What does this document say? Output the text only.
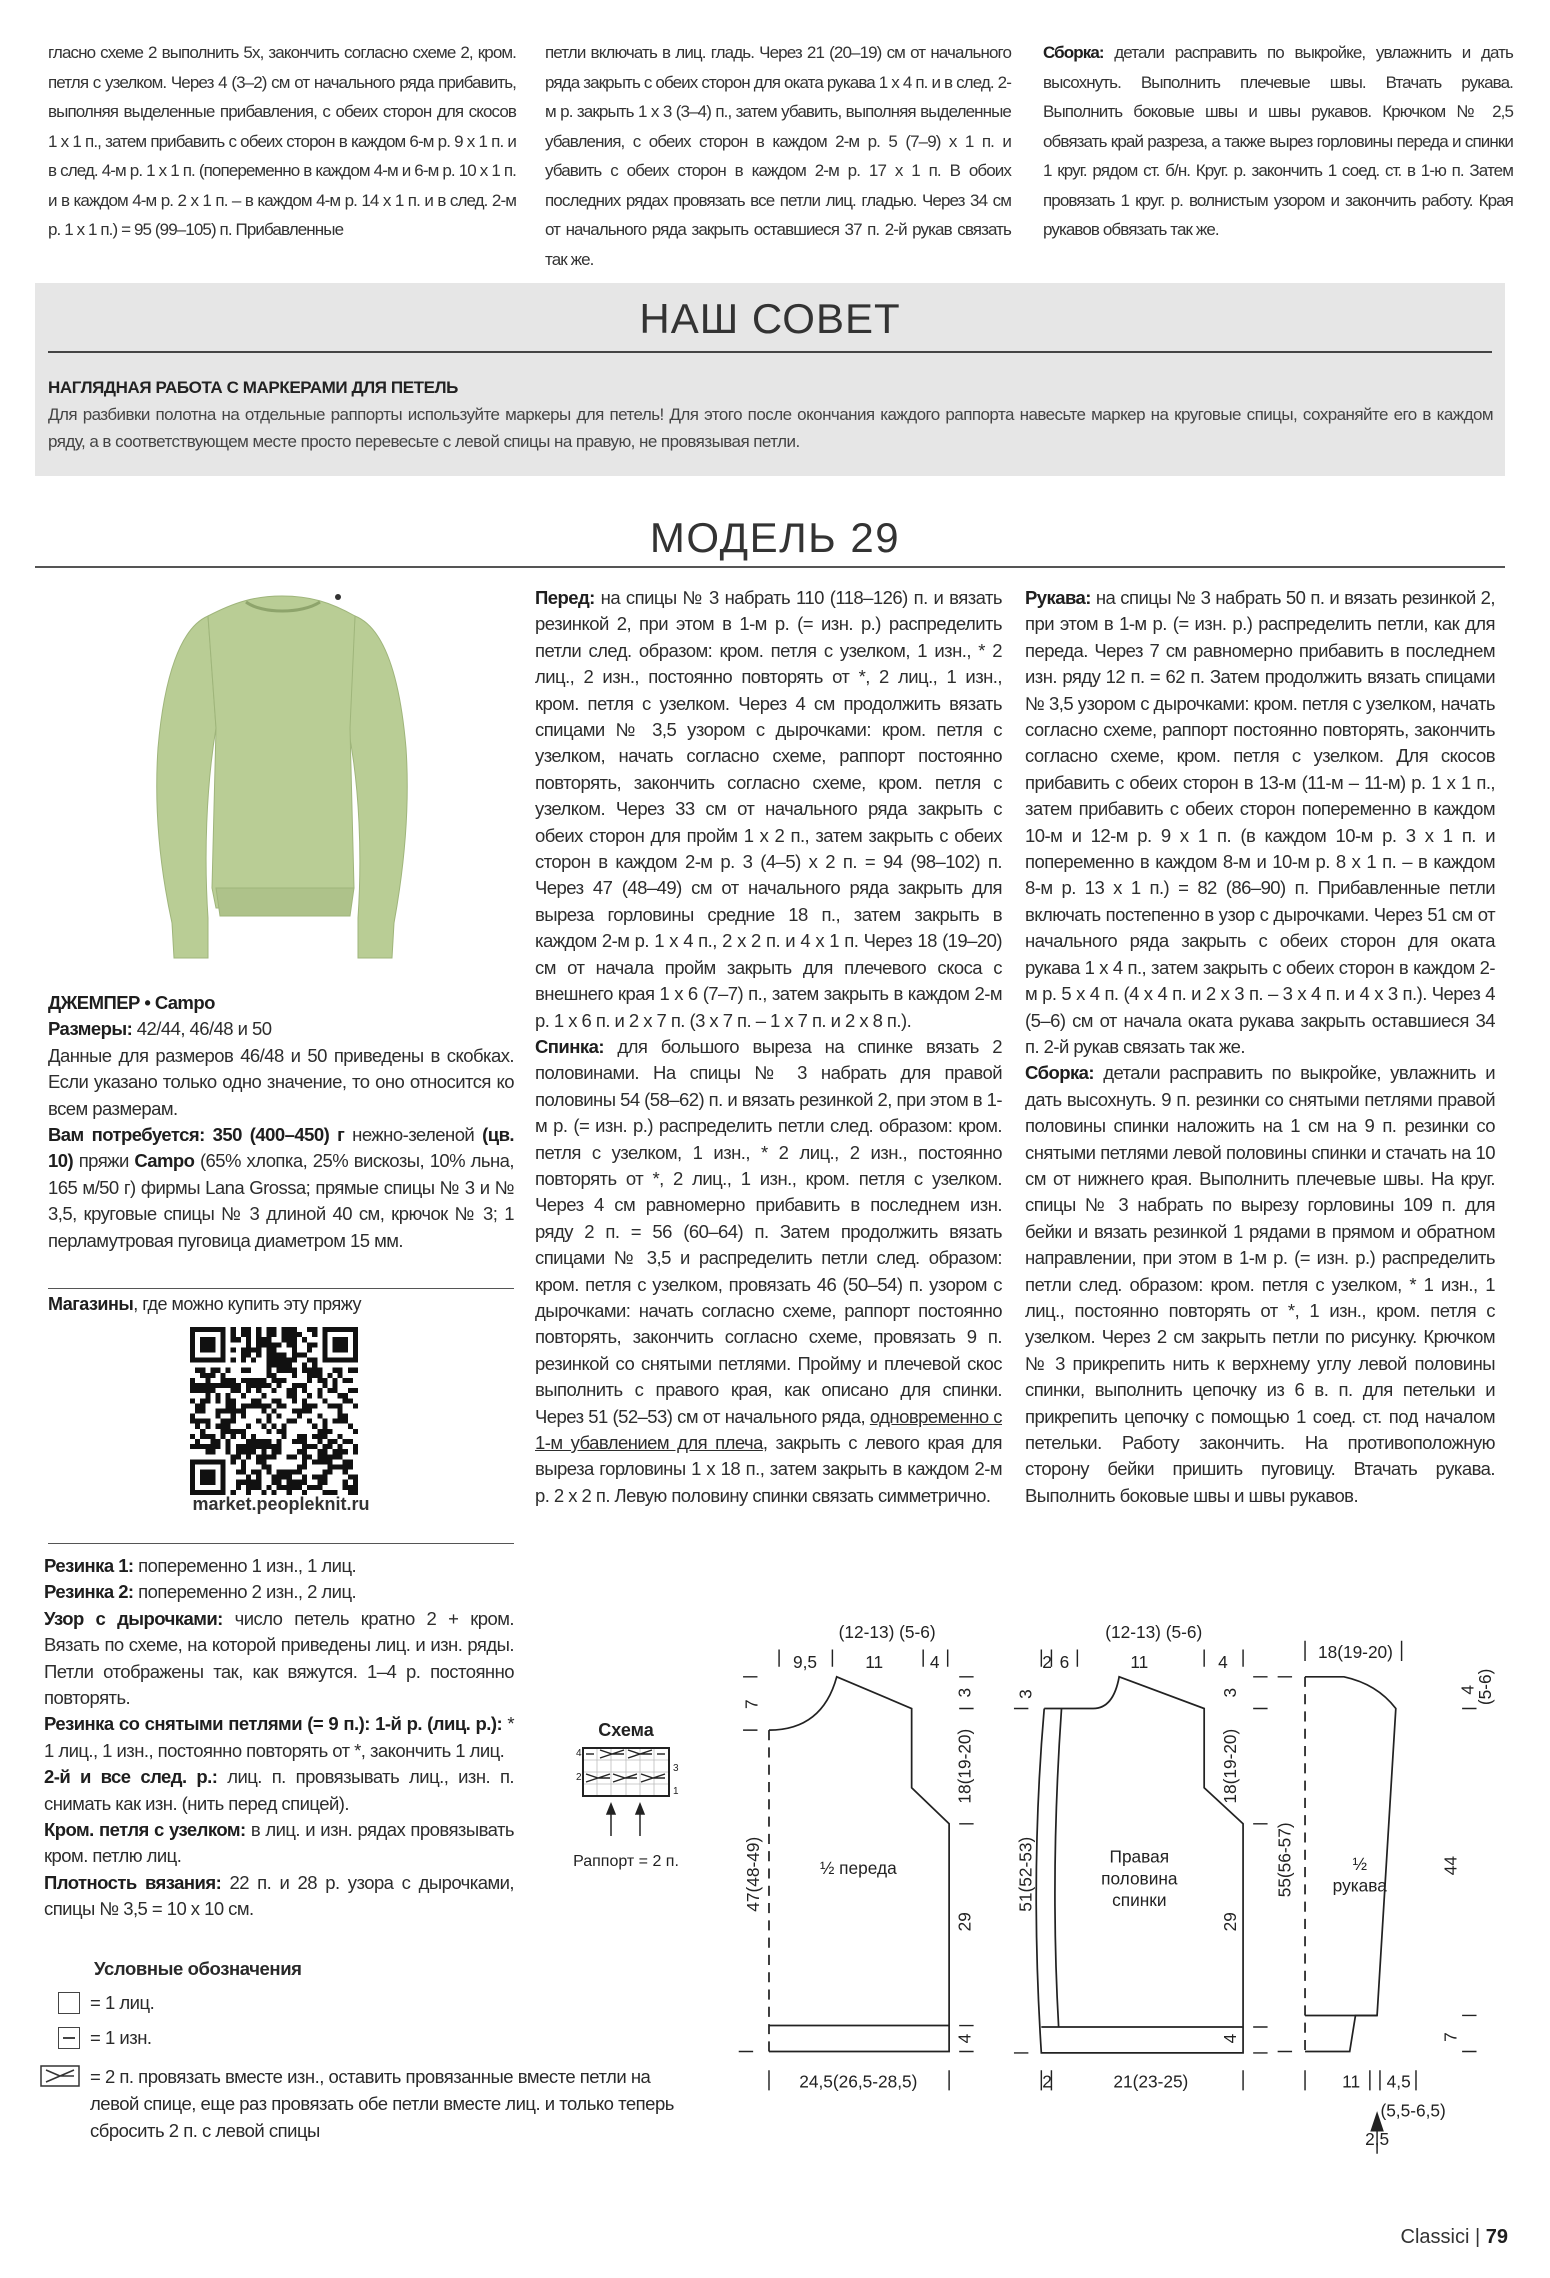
гласно схеме 2 выполнить 5х, закончить согласно схеме 2, кром. петля с узелком. Через 4 (3–2) см от начального ряда прибавить, выполняя выделенные прибавления, с обеих сторон для скосов 1 х 1 п., затем прибавить с обеих сторон в каждом 6-м р. 9 х 1 п. и в след. 4-м р. 1 х 1 п. (попеременно в каждом 4-м и 6-м р. 10 х 1 п. и в каждом 4-м р. 2 х 1 п. – в каждом 4-м р. 14 х 1 п. и в след. 2-м р. 1 х 1 п.) = 95 (99–105) п. Прибавленные
петли включать в лиц. гладь. Через 21 (20–19) см от начального ряда закрыть с обеих сторон для оката рукава 1 х 4 п. и в след. 2-м р. закрыть 1 х 3 (3–4) п., затем убавить, выполняя выделенные убавления, с обеих сторон в каждом 2-м р. 5 (7–9) х 1 п. и убавить с обеих сторон в каждом 2-м р. 17 х 1 п. В обоих последних рядах провязать все петли лиц. гладью. Через 34 см от начального ряда закрыть оставшиеся 37 п. 2-й рукав связать так же.
Сборка: детали расправить по выкройке, увлажнить и дать высохнуть. Выполнить плечевые швы. Втачать рукава. Выполнить боковые швы и швы рукавов. Крючком № 2,5 обвязать край разреза, а также вырез горловины переда и спинки 1 круг. рядом ст. б/н. Круг. р. закончить 1 соед. ст. в 1-ю п. Затем провязать 1 круг. р. волнистым узором и закончить работу. Края рукавов обвязать так же.
НАШ СОВЕТ
НАГЛЯДНАЯ РАБОТА С МАРКЕРАМИ ДЛЯ ПЕТЕЛЬ
Для разбивки полотна на отдельные раппорты используйте маркеры для петель! Для этого после окончания каждого раппорта навесьте маркер на круговые спицы, сохраняйте его в каждом ряду, а в соответствующем месте просто перевесьте с левой спицы на правую, не провязывая петли.
МОДЕЛЬ 29
ДЖЕМПЕР • Campo
Размеры: 42/44, 46/48 и 50
Данные для размеров 46/48 и 50 приведены в скобках. Если указано только одно значение, то оно относится ко всем размерам.
Вам потребуется: 350 (400–450) г нежно-зеленой (цв. 10) пряжи Campo (65% хлопка, 25% вискозы, 10% льна, 165 м/50 г) фирмы Lana Grossa; прямые спицы № 3 и № 3,5, круговые спицы № 3 длиной 40 см, крючок № 3; 1 перламутровая пуговица диаметром 15 мм.
Магазины, где можно купить эту пряжу
market.peopleknit.ru
Резинка 1: попеременно 1 изн., 1 лиц.
Резинка 2: попеременно 2 изн., 2 лиц.
Узор с дырочками: число петель кратно 2 + кром. Вязать по схеме, на которой приведены лиц. и изн. ряды. Петли отображены так, как вяжутся. 1–4 р. постоянно повторять.
Резинка со снятыми петлями (= 9 п.): 1-й р. (лиц. р.): * 1 лиц., 1 изн., постоянно повторять от *, закончить 1 лиц.
2-й и все след. р.: лиц. п. провязывать лиц., изн. п. снимать как изн. (нить перед спицей).
Кром. петля с узелком: в лиц. и изн. рядах провязывать кром. петлю лиц.
Плотность вязания: 22 п. и 28 р. узора с дырочками, спицы № 3,5 = 10 х 10 см.
Условные обозначения
= 1 лиц.
= 1 изн.
= 2 п. провязать вместе изн., оставить провязанные вместе петли на левой спице, еще раз провязать обе петли вместе лиц. и только теперь сбросить 2 п. с левой спицы
Схема
4
3
2
1
Раппорт = 2 п.
Перед: на спицы № 3 набрать 110 (118–126) п. и вязать резинкой 2, при этом в 1-м р. (= изн. р.) распределить петли след. образом: кром. петля с узелком, 1 изн., * 2 лиц., 2 изн., постоянно повторять от *, 2 лиц., 1 изн., кром. петля с узелком. Через 4 см продолжить вязать спицами № 3,5 узором с дырочками: кром. петля с узелком, начать согласно схеме, раппорт постоянно повторять, закончить согласно схеме, кром. петля с узелком. Через 33 см от начального ряда закрыть с обеих сторон для пройм 1 х 2 п., затем закрыть с обеих сторон в каждом 2-м р. 3 (4–5) х 2 п. = 94 (98–102) п. Через 47 (48–49) см от начального ряда закрыть для выреза горловины средние 18 п., затем закрыть в каждом 2-м р. 1 х 4 п., 2 х 2 п. и 4 х 1 п. Через 18 (19–20) см от начала пройм закрыть для плечевого скоса с внешнего края 1 х 6 (7–7) п., затем закрыть в каждом 2-м р. 1 х 6 п. и 2 х 7 п. (3 х 7 п. – 1 х 7 п. и 2 х 8 п.).
Спинка: для большого выреза на спинке вязать 2 половинами. На спицы № 3 набрать для правой половины 54 (58–62) п. и вязать резинкой 2, при этом в 1-м р. (= изн. р.) распределить петли след. образом: кром. петля с узелком, 1 изн., * 2 лиц., 2 изн., постоянно повторять от *, 2 лиц., 1 изн., кром. петля с узелком. Через 4 см равномерно прибавить в последнем изн. ряду 2 п. = 56 (60–64) п. Затем продолжить вязать спицами № 3,5 и распределить петли след. образом: кром. петля с узелком, провязать 46 (50–54) п. узором с дырочками: начать согласно схеме, раппорт постоянно повторять, закончить согласно схеме, провязать 9 п. резинкой со снятыми петлями. Пройму и плечевой скос выполнить с правого края, как описано для спинки. Через 51 (52–53) см от начального ряда, одновременно с 1-м убавлением для плеча, закрыть с левого края для выреза горловины 1 х 18 п., затем закрыть в каждом 2-м р. 2 х 2 п. Левую половину спинки связать симметрично.
Рукава: на спицы № 3 набрать 50 п. и вязать резинкой 2, при этом в 1-м р. (= изн. р.) распределить петли, как для переда. Через 7 см равномерно прибавить в последнем изн. ряду 12 п. = 62 п. Затем продолжить вязать спицами № 3,5 узором с дырочками: кром. петля с узелком, начать согласно схеме, раппорт постоянно повторять, закончить согласно схеме, кром. петля с узелком. Для скосов прибавить с обеих сторон в 13-м (11-м – 11-м) р. 1 х 1 п., затем прибавить с обеих сторон попеременно в каждом 10-м и 12-м р. 9 х 1 п. (в каждом 10-м р. 3 х 1 п. и попеременно в каждом 8-м и 10-м р. 8 х 1 п. – в каждом 8-м р. 13 х 1 п.) = 82 (86–90) п. Прибавленные петли включать постепенно в узор с дырочками. Через 51 см от начального ряда закрыть с обеих сторон для оката рукава 1 х 4 п., затем закрыть с обеих сторон в каждом 2-м р. 5 х 4 п. (4 х 4 п. и 2 х 3 п. – 3 х 4 п. и 4 х 3 п.). Через 4 (5–6) см от начала оката рукава закрыть оставшиеся 34 п. 2-й рукав связать так же.
Сборка: детали расправить по выкройке, увлажнить и дать высохнуть. 9 п. резинки со снятыми петлями правой половины спинки наложить на 1 см на 9 п. резинки со снятыми петлями левой половины спинки и стачать на 10 см от нижнего края. Выполнить плечевые швы. На круг. спицы № 3 набрать по вырезу горловины 109 п. для бейки и вязать резинкой 1 рядами в прямом и обратном направлении, при этом в 1-м р. (= изн. р.) распределить петли след. образом: кром. петля с узелком, * 1 изн., 1 лиц., постоянно повторять от *, 1 изн., кром. петля с узелком. Через 2 см закрыть петли по рисунку. Крючком № 3 прикрепить нить к верхнему углу левой половины спинки, выполнить цепочку из 6 в. п. для петельки и прикрепить цепочку с помощью 1 соед. ст. под началом петельки. Работу закончить. На противоположную сторону бейки пришить пуговицу. Втачать рукава. Выполнить боковые швы и швы рукавов.
(12-13) (5-6)
9,5	11	4
7
47(48-49)
3
18(19-20)
29
4
24,5(26,5-28,5)
½ переда
(12-13) (5-6)
2 6	11	4
3
51(52-53)
3
18(19-20)
29
4
2	21(23-25)
Правая
половина
спинки
18(19-20)
4
(5-6)
44
7
55(56-57)
11 4,5
(5,5-6,5)
2,5
½
рукава
Classici | 79
